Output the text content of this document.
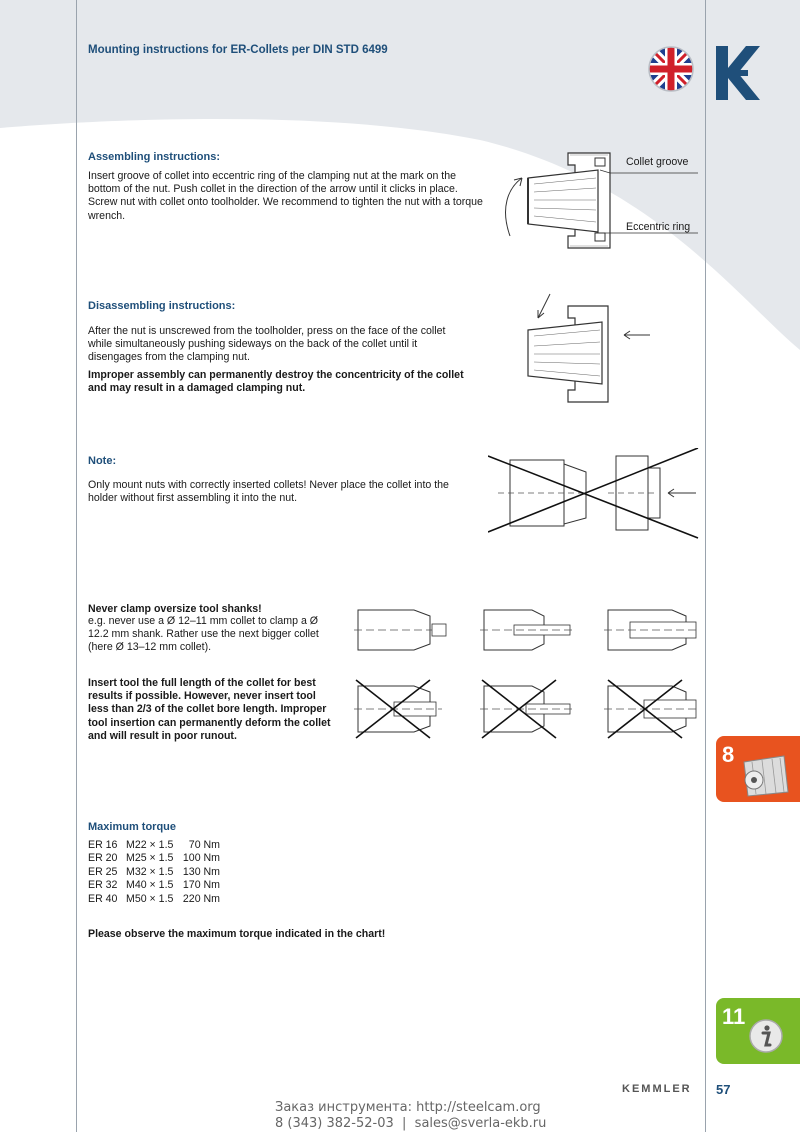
Mounting instructions for ER-Collets per DIN STD 6499
Assembling instructions:
Insert groove of collet into eccentric ring of the clamping nut at the mark on the bottom of the nut. Push collet in the direction of the arrow until it clicks in place. Screw nut with collet onto toolholder. We recommend to tighten the nut with a torque wrench.
Collet groove
Eccentric ring
Disassembling instructions:
After the nut is unscrewed from the toolholder, press on the face of the collet while simultaneously pushing sideways on the back of the collet until it disengages from the clamping nut.
Improper assembly can permanently destroy the concentricity of the collet and may result in a damaged clamping nut.
Note:
Only mount nuts with correctly inserted collets! Never place the collet into the holder without first assembling it into the nut.
Never clamp oversize tool shanks!
e.g. never use a Ø 12–11 mm collet to clamp a Ø 12.2 mm shank. Rather use the next bigger collet (here Ø 13–12 mm collet).
Insert tool the full length of the collet for best results if possible. However, never insert tool less than 2/3 of the collet bore length. Improper tool insertion can permanently deform the collet and will result in poor runout.
Maximum torque
ER 16	M22 × 1.5	70 Nm
ER 20	M25 × 1.5	100 Nm
ER 25	M32 × 1.5	130 Nm
ER 32	M40 × 1.5	170 Nm
ER 40	M50 × 1.5	220 Nm
Please observe the maximum torque indicated in the chart!
8
11
KEMMLER 57
Заказ инструмента: http://steelcam.org
8 (343) 382-52-03  |  sales@sverla-ekb.ru
